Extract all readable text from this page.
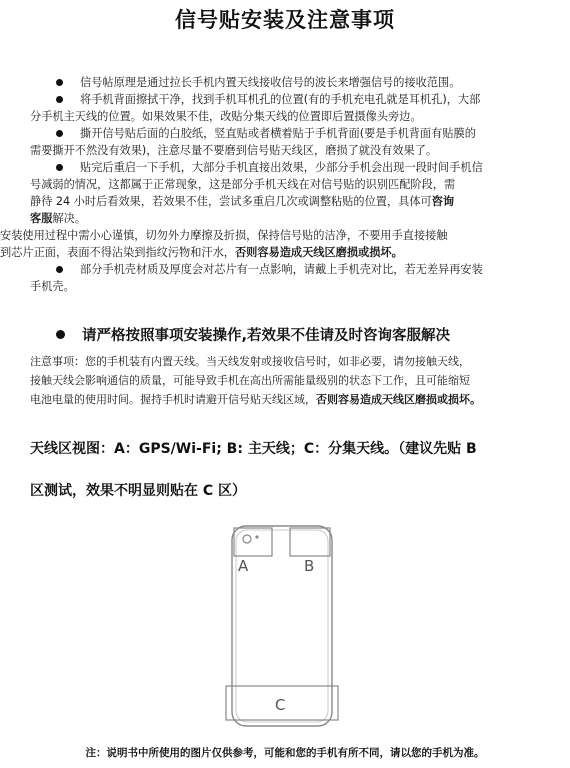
信号贴安装及注意事项
信号帖原理是通过拉长手机内置天线接收信号的波长来增强信号的接收范围。
将手机背面擦拭干净，找到手机耳机孔的位置(有的手机充电孔就是耳机孔)，大部
分手机主天线的位置。如果效果不佳，改贴分集天线的位置即后置摄像头旁边。
撕开信号贴后面的白胶纸，竖直贴或者横着贴于手机背面(要是手机背面有贴膜的
需要撕开不然没有效果)，注意尽量不要磨到信号贴天线区，磨损了就没有效果了。
贴完后重启一下手机，大部分手机直接出效果，少部分手机会出现一段时间手机信
号减弱的情况，这都属于正常现象，这是部分手机天线在对信号贴的识别匹配阶段，需
静待 24 小时后看效果，若效果不佳，尝试多重启几次或调整粘贴的位置，具体可咨询
客服解决。
安装使用过程中需小心谨慎，切勿外力摩擦及折损，保持信号贴的洁净，不要用手直接接触
到芯片正面，表面不得沾染到指纹污物和汗水，否则容易造成天线区磨损或损坏。
部分手机壳材质及厚度会对芯片有一点影响，请戴上手机壳对比，若无差异再安装
手机壳。
请严格按照事项安装操作,若效果不佳请及时咨询客服解决
注意事项：您的手机装有内置天线。当天线发射或接收信号时，如非必要，请勿接触天线，
接触天线会影响通信的质量，可能导致手机在高出所需能量级别的状态下工作，且可能缩短
电池电量的使用时间。握持手机时请避开信号贴天线区域，否则容易造成天线区磨损或损坏。
天线区视图：A：GPS/Wi-Fi; B: 主天线；C：分集天线。（建议先贴 B
区测试，效果不明显则贴在 C 区）
A	B
C
注：说明书中所使用的图片仅供参考，可能和您的手机有所不同，请以您的手机为准。
